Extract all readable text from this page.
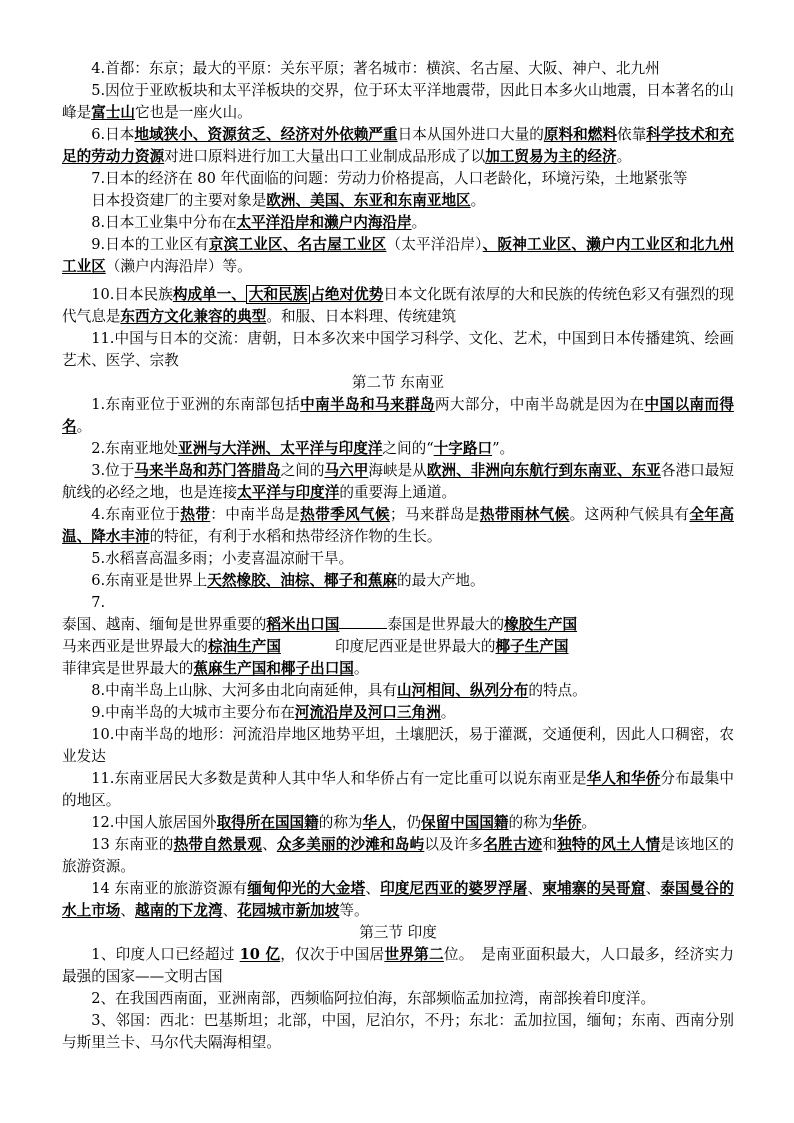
4.首都：东京；最大的平原：关东平原；著名城市：横滨、名古屋、大阪、神户、北九州

5.因位于亚欧板块和太平洋板块的交界，位于环太平洋地震带，因此日本多火山地震，日本著名的山峰是富士山它也是一座火山。

6.日本地域狭小、资源贫乏、经济对外依赖严重日本从国外进口大量的原料和燃料依靠科学技术和充足的劳动力资源对进口原料进行加工大量出口工业制成品形成了以加工贸易为主的经济。

7.日本的经济在 80 年代面临的问题：劳动力价格提高，人口老龄化，环境污染，土地紧张等

日本投资建厂的主要对象是欧洲、美国、东亚和东南亚地区。

8.日本工业集中分布在太平洋沿岸和濑户内海沿岸。

9.日本的工业区有京滨工业区、名古屋工业区（太平洋沿岸）、阪神工业区、濑户内工业区和北九州工业区（濑户内海沿岸）等。

10.日本民族构成单一、 大和民族 占绝对优势日本文化既有浓厚的大和民族的传统色彩又有强烈的现代气息是东西方文化兼容的典型。和服、日本料理、传统建筑

11.中国与日本的交流：唐朝，日本多次来中国学习科学、文化、艺术，中国到日本传播建筑、绘画艺术、医学、宗教

第二节 东南亚

1.东南亚位于亚洲的东南部包括中南半岛和马来群岛两大部分，中南半岛就是因为在中国以南而得名。

2.东南亚地处亚洲与大洋洲、太平洋与印度洋之间的“十字路口”。

3.位于马来半岛和苏门答腊岛之间的马六甲海峡是从欧洲、非洲向东航行到东南亚、东亚各港口最短航线的必经之地，也是连接太平洋与印度洋的重要海上通道。

4.东南亚位于热带：中南半岛是热带季风气候；马来群岛是热带雨林气候。这两种气候具有全年高温、降水丰沛的特征，有利于水稻和热带经济作物的生长。

5.水稻喜高温多雨；小麦喜温凉耐干旱。

6.东南亚是世界上天然橡胶、油棕、椰子和蕉麻的最大产地。

7.

泰国、越南、缅甸是世界重要的稻米出口国	泰国是世界最大的橡胶生产国

马来西亚是世界最大的棕油生产国	印度尼西亚是世界最大的椰子生产国

菲律宾是世界最大的蕉麻生产国和椰子出口国。

8.中南半岛上山脉、大河多由北向南延伸，具有山河相间、纵列分布的特点。

9.中南半岛的大城市主要分布在河流沿岸及河口三角洲。

10.中南半岛的地形：河流沿岸地区地势平坦，土壤肥沃，易于灌溉，交通便利，因此人口稠密，农业发达

11.东南亚居民大多数是黄种人其中华人和华侨占有一定比重可以说东南亚是华人和华侨分布最集中的地区。

12.中国人旅居国外取得所在国国籍的称为华人，仍保留中国国籍的称为华侨。

13 东南亚的热带自然景观、众多美丽的沙滩和岛屿以及许多名胜古迹和独特的风土人情是该地区的旅游资源。

14 东南亚的旅游资源有缅甸仰光的大金塔、印度尼西亚的婆罗浮屠、柬埔寨的吴哥窟、泰国曼谷的水上市场、越南的下龙湾、花园城市新加坡等。

第三节 印度

1、印度人口已经超过 10 亿，仅次于中国居世界第二位。　是南亚面积最大，人口最多，经济实力最强的国家——文明古国

2、在我国西南面，亚洲南部，西频临阿拉伯海，东部频临孟加拉湾，南部挨着印度洋。

3、邻国：西北：巴基斯坦；北部，中国，尼泊尔，不丹；东北：孟加拉国，缅甸；东南、西南分别与斯里兰卡、马尔代夫隔海相望。
